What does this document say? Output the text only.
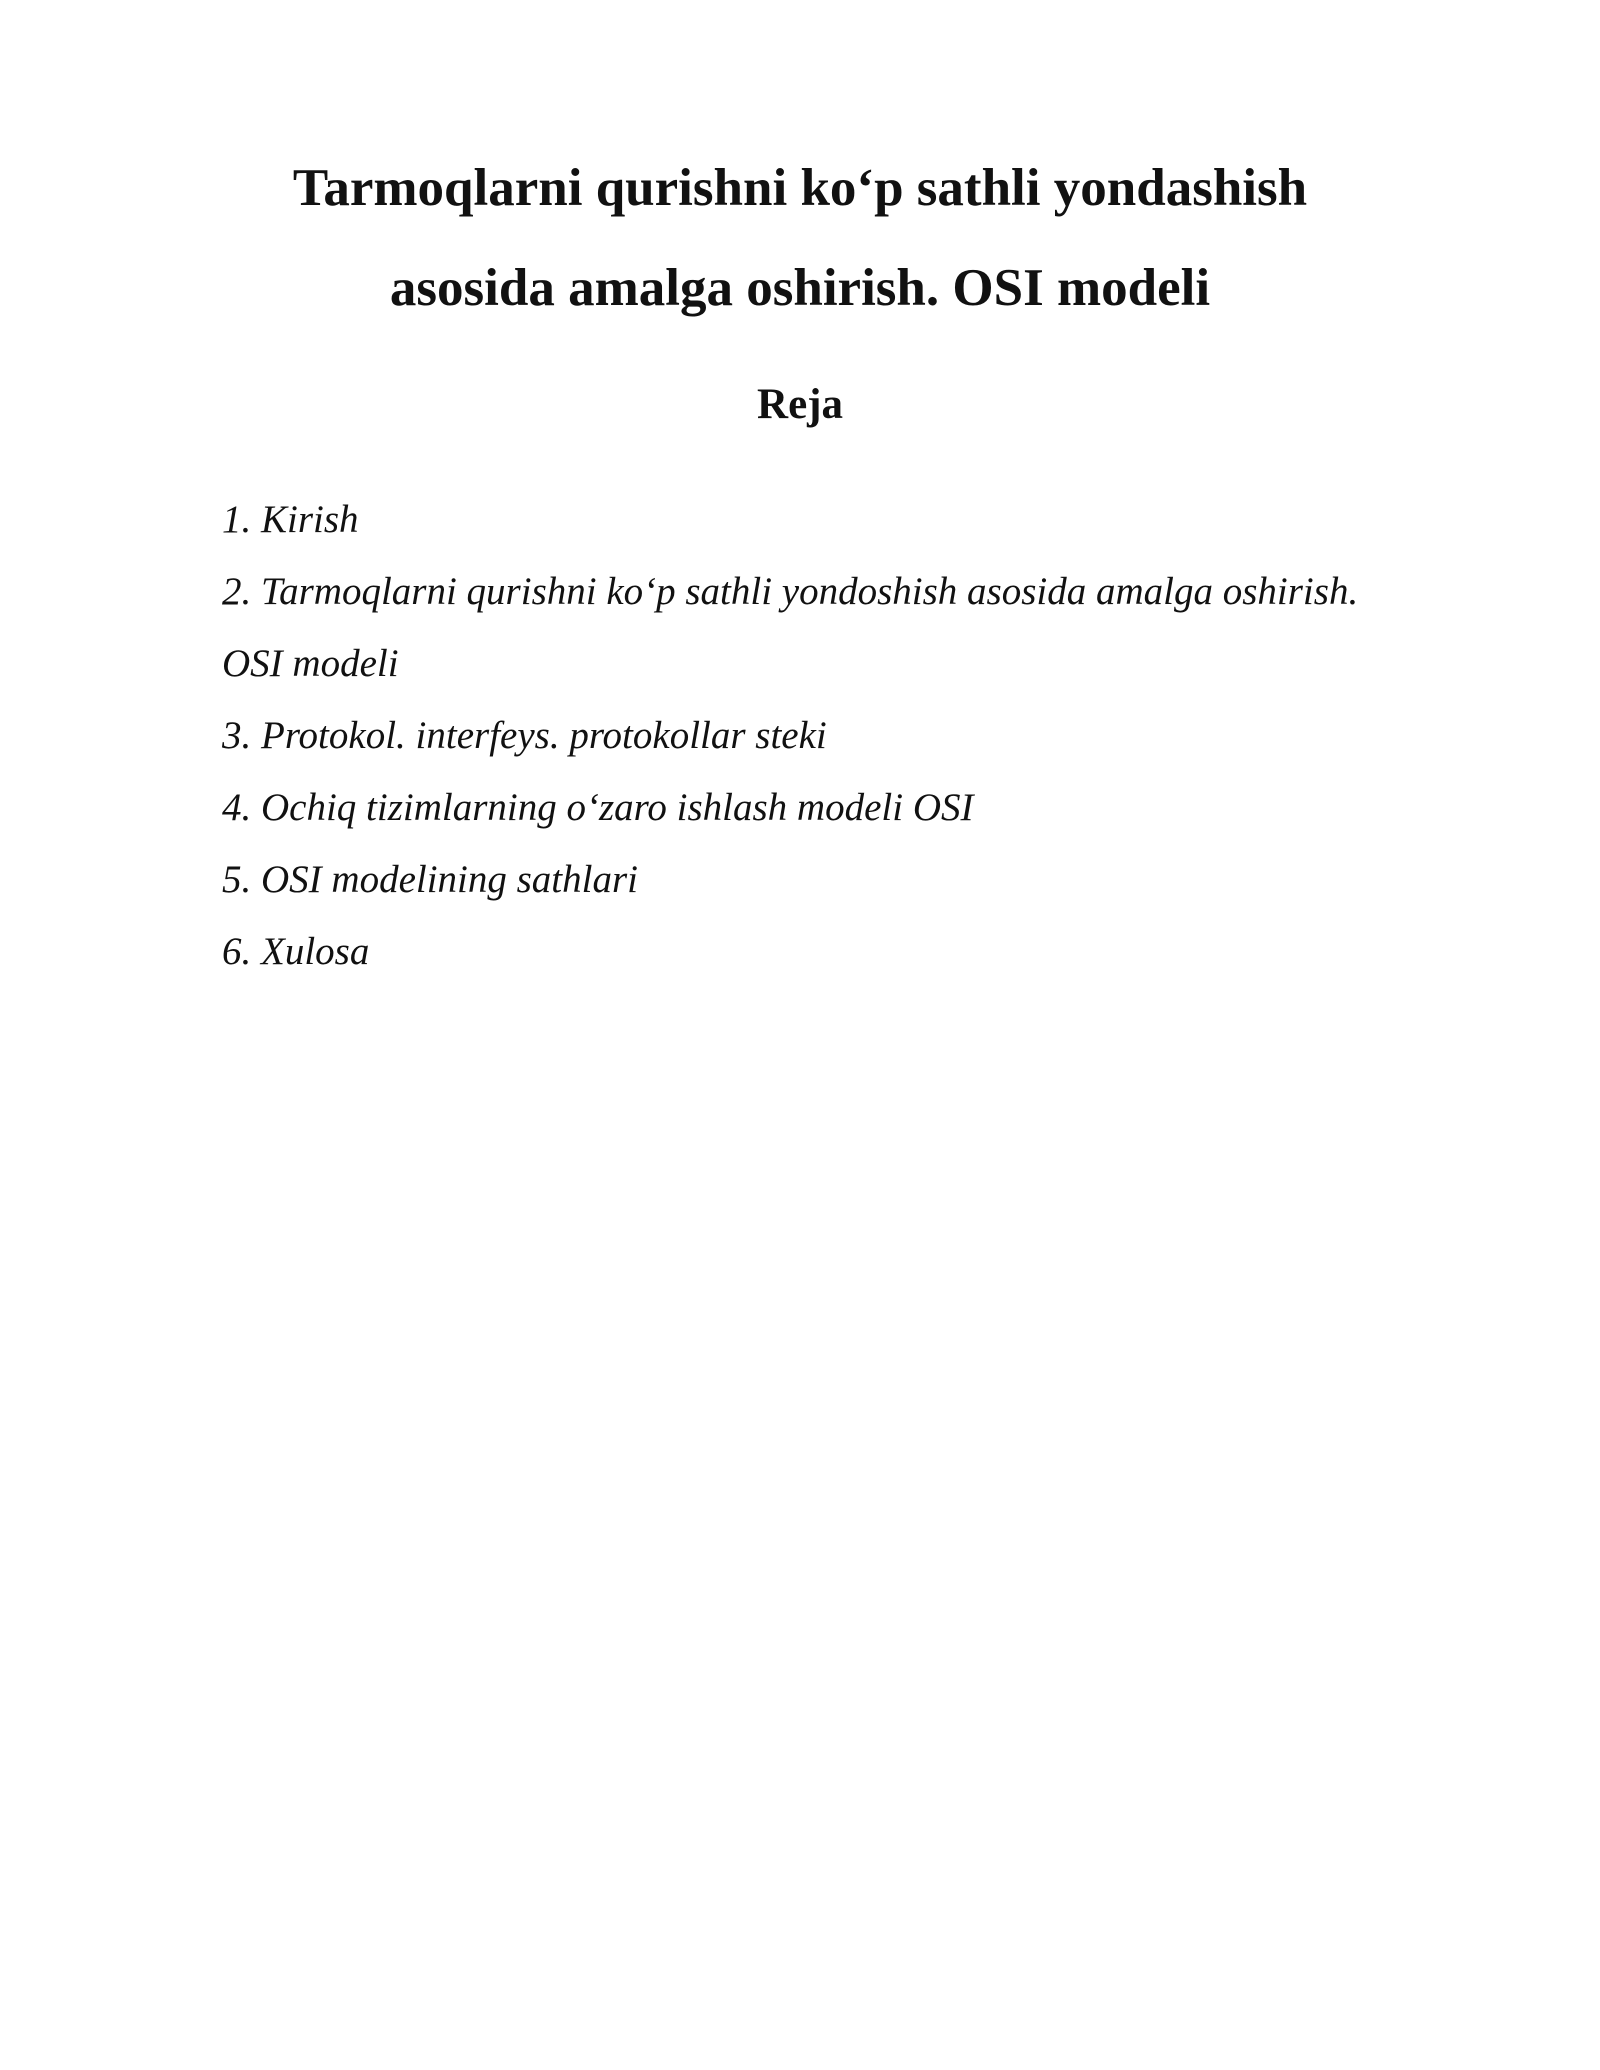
Tarmoqlarni qurishni ko‘p sathli yondashish
asosida amalga oshirish. OSI modeli
Reja
1. Kirish
2. Tarmoqlarni qurishni ko‘p sathli yondoshish asosida amalga oshirish.
OSI modeli
3. Protokol. interfeys. protokollar steki
4. Ochiq tizimlarning o‘zaro ishlash modeli OSI
5. OSI modelining sathlari
6. Xulosa
